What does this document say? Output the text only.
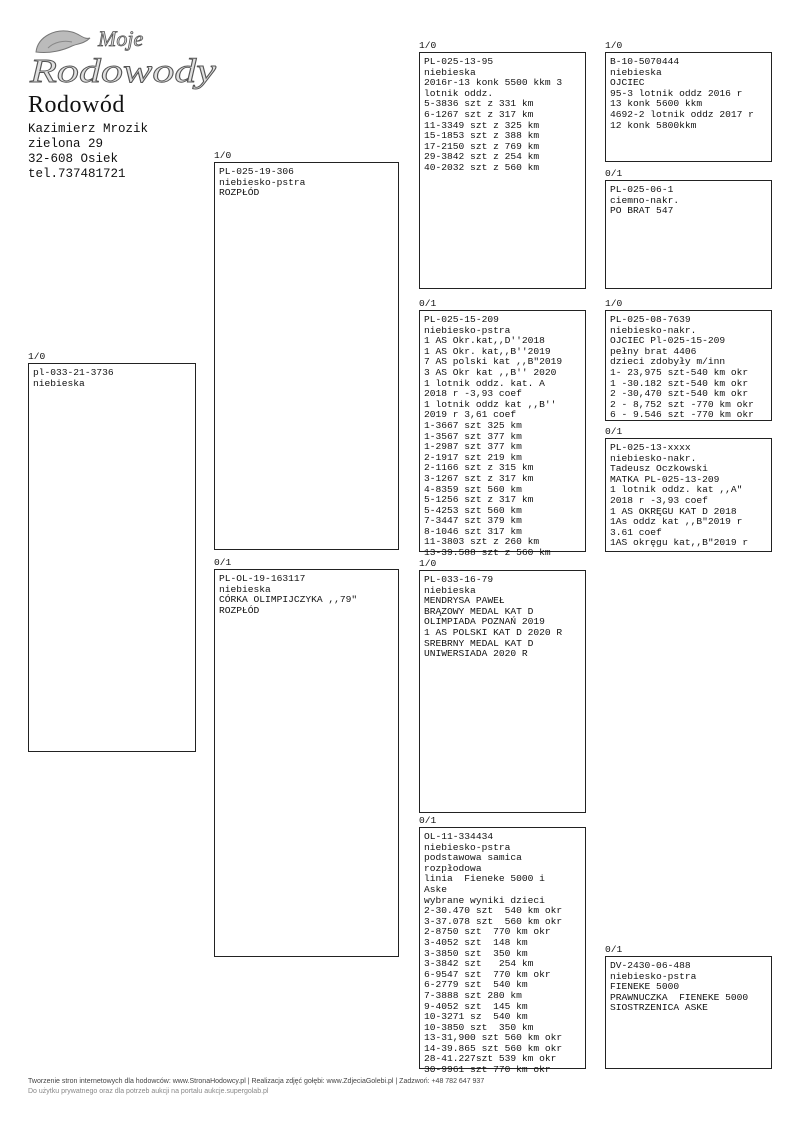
Moje
Rodowody
Rodowód
Kazimierz Mrozik
zielona 29
32-608 Osiek
tel.737481721
1/0
pl-033-21-3736
niebieska
1/0
PL-025-19-306
niebiesko-pstra
ROZPŁÓD
0/1
PL-OL-19-163117
niebieska
CÓRKA OLIMPIJCZYKA ,,79"
ROZPŁÓD
1/0
PL-025-13-95
niebieska
2016r-13 konk 5500 kkm 3
lotnik oddz.
5-3836 szt z 331 km
6-1267 szt z 317 km
11-3349 szt z 325 km
15-1853 szt z 388 km
17-2150 szt z 769 km
29-3842 szt z 254 km
40-2032 szt z 560 km
0/1
PL-025-15-209
niebiesko-pstra
1 AS Okr.kat,,D''2018
1 AS Okr. kat,,B''2019
7 AS polski kat ,,B"2019
3 AS Okr kat ,,B'' 2020
1 lotnik oddz. kat. A
2018 r -3,93 coef
1 lotnik oddz kat ,,B''
2019 r 3,61 coef
1-3667 szt 325 km
1-3567 szt 377 km
1-2987 szt 377 km
2-1917 szt 219 km
2-1166 szt z 315 km
3-1267 szt z 317 km
4-8359 szt 560 km
5-1256 szt z 317 km
5-4253 szt 560 km
7-3447 szt 379 km
8-1046 szt 317 km
11-3803 szt z 260 km
13-39.588 szt z 560 km
1/0
PL-033-16-79
niebieska
MENDRYSA PAWEŁ
BRĄZOWY MEDAL KAT D
OLIMPIADA POZNAŃ 2019
1 AS POLSKI KAT D 2020 R
SREBRNY MEDAL KAT D
UNIWERSIADA 2020 R
0/1
OL-11-334434
niebiesko-pstra
podstawowa samica
rozpłodowa
linia  Fieneke 5000 i
Aske
wybrane wyniki dzieci
2-30.470 szt  540 km okr
3-37.078 szt  560 km okr
2-8750 szt  770 km okr
3-4052 szt  148 km
3-3850 szt  350 km
3-3842 szt   254 km
6-9547 szt  770 km okr
6-2779 szt  540 km
7-3888 szt 280 km
9-4052 szt  145 km
10-3271 sz  540 km
10-3850 szt  350 km
13-31,900 szt 560 km okr
14-39.865 szt 560 km okr
28-41.227szt 539 km okr
30-9961 szt 770 km okr
1/0
B-10-5070444
niebieska
OJCIEC
95-3 lotnik oddz 2016 r
13 konk 5600 kkm
4692-2 lotnik oddz 2017 r
12 konk 5800kkm
0/1
PL-025-06-1
ciemno-nakr.
PO BRAT 547
1/0
PL-025-08-7639
niebiesko-nakr.
OJCIEC Pl-025-15-209
pełny brat 4406
dzieci zdobyły m/inn
1- 23,975 szt-540 km okr
1 -30.182 szt-540 km okr
2 -30,470 szt-540 km okr
2 - 8,752 szt -770 km okr
6 - 9.546 szt -770 km okr
0/1
PL-025-13-xxxx
niebiesko-nakr.
Tadeusz Oczkowski
MATKA PL-025-13-209
1 lotnik oddz. kat ,,A"
2018 r -3,93 coef
1 AS OKRĘGU KAT D 2018
1As oddz kat ,,B"2019 r
3.61 coef
1AS okręgu kat,,B"2019 r
0/1
DV-2430-06-488
niebiesko-pstra
FIENEKE 5000
PRAWNUCZKA  FIENEKE 5000
SIOSTRZENICA ASKE
Tworzenie stron internetowych dla hodowców: www.StronaHodowcy.pl | Realizacja zdjęć gołębi: www.ZdjeciaGolebi.pl | Zadzwoń: +48 782 647 937
Do użytku prywatnego oraz dla potrzeb aukcji na portalu aukcje.supergolab.pl
